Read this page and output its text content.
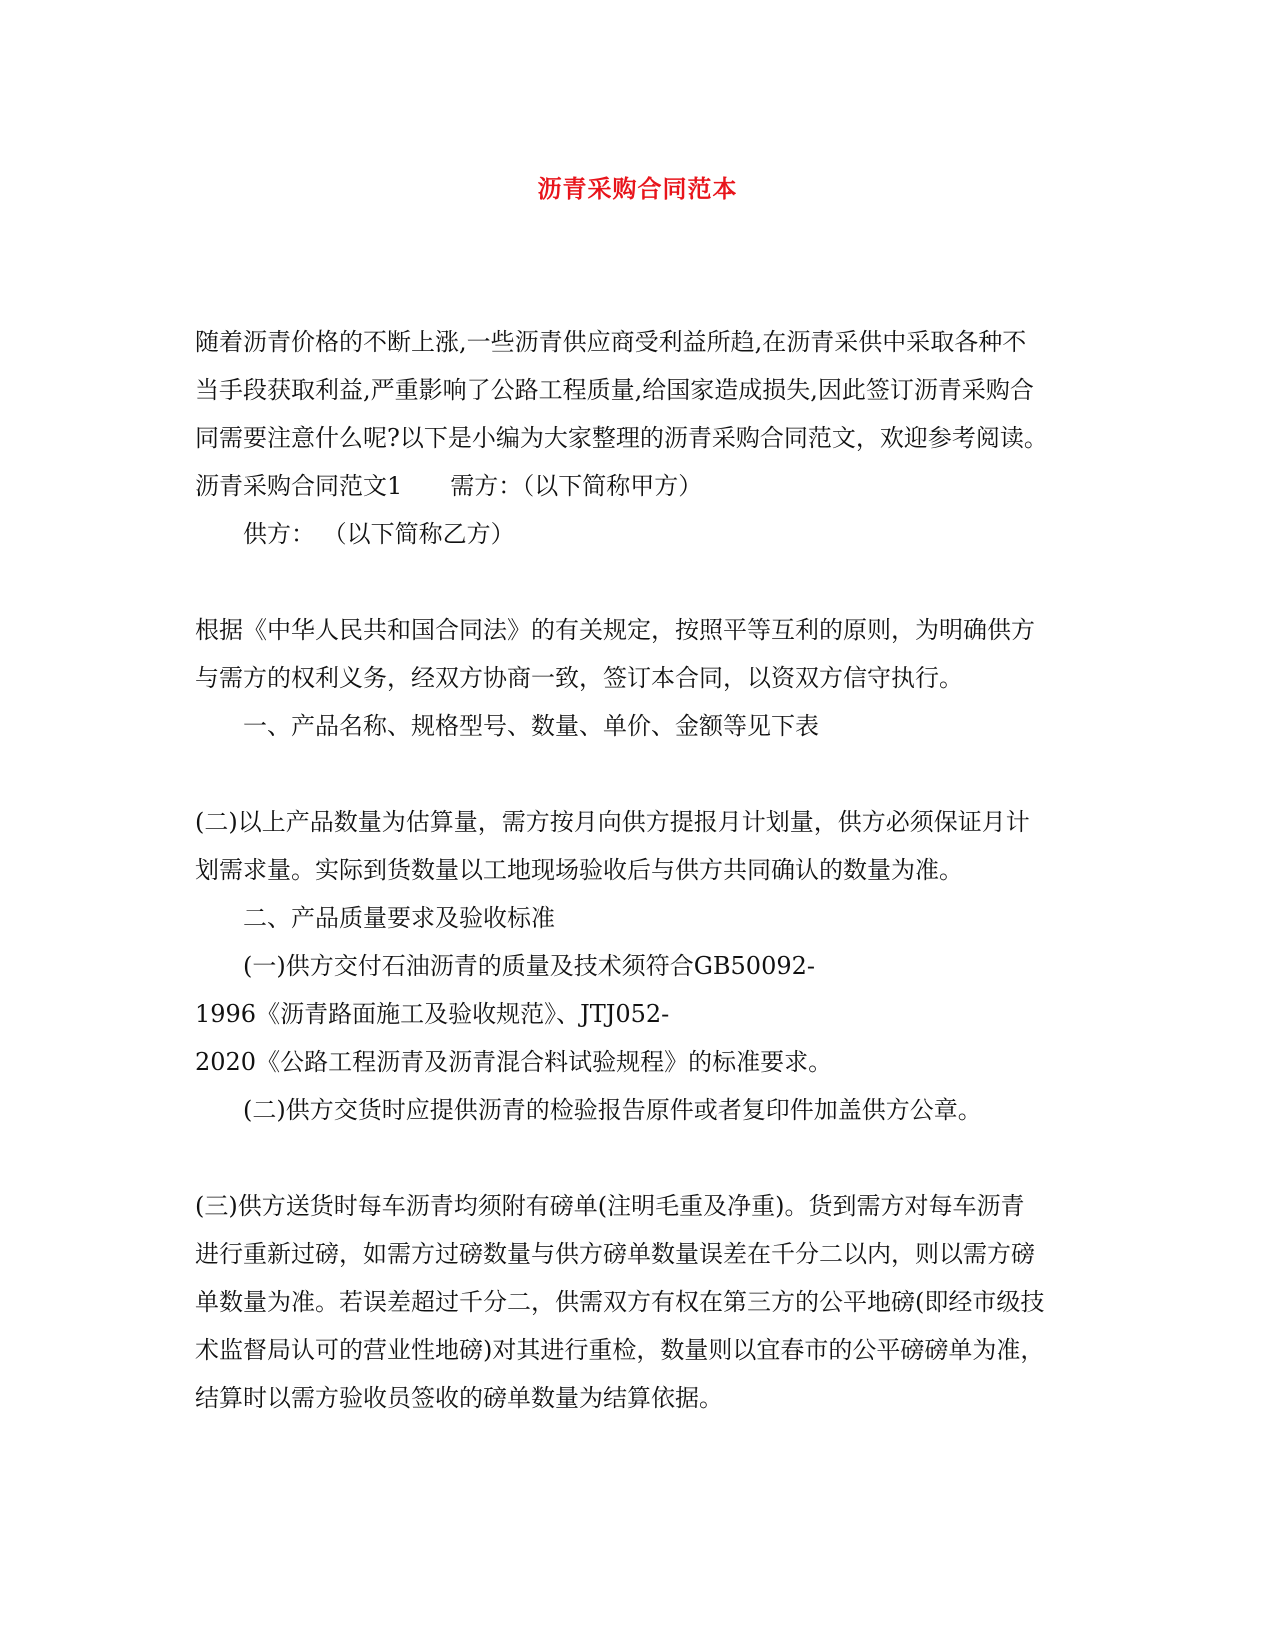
沥青采购合同范本
随着沥青价格的不断上涨,一些沥青供应商受利益所趋,在沥青采供中采取各种不
当手段获取利益,严重影响了公路工程质量,给国家造成损失,因此签订沥青采购合
同需要注意什么呢?以下是小编为大家整理的沥青采购合同范文，欢迎参考阅读。
沥青采购合同范文1 需方：（以下简称甲方）
供方： （以下简称乙方）
根据《中华人民共和国合同法》的有关规定，按照平等互利的原则，为明确供方
与需方的权利义务，经双方协商一致，签订本合同，以资双方信守执行。
一、产品名称、规格型号、数量、单价、金额等见下表
(二)以上产品数量为估算量，需方按月向供方提报月计划量，供方必须保证月计
划需求量。实际到货数量以工地现场验收后与供方共同确认的数量为准。
二、产品质量要求及验收标准
(一)供方交付石油沥青的质量及技术须符合GB50092-
1996《沥青路面施工及验收规范》、JTJ052-
2020《公路工程沥青及沥青混合料试验规程》的标准要求。
(二)供方交货时应提供沥青的检验报告原件或者复印件加盖供方公章。
(三)供方送货时每车沥青均须附有磅单(注明毛重及净重)。货到需方对每车沥青
进行重新过磅，如需方过磅数量与供方磅单数量误差在千分二以内，则以需方磅
单数量为准。若误差超过千分二，供需双方有权在第三方的公平地磅(即经市级技
术监督局认可的营业性地磅)对其进行重检，数量则以宜春市的公平磅磅单为准，
结算时以需方验收员签收的磅单数量为结算依据。
